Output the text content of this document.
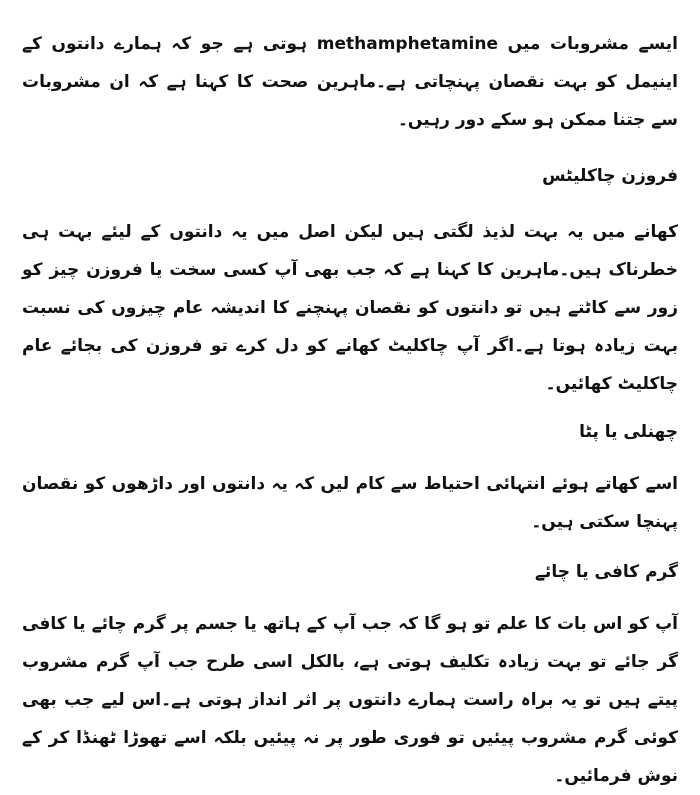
ایسے مشروبات میں methamphetamine ہوتی ہے جو کہ ہمارے دانتوں کے اینیمل کو بہت نقصان پہنچاتی ہے۔ماہرین صحت کا کہنا ہے کہ ان مشروبات سے جتنا ممکن ہو سکے دور رہیں۔

فروزن چاکلیٹس

کھانے میں یہ بہت لذیذ لگتی ہیں لیکن اصل میں یہ دانتوں کے لیئے بہت ہی خطرناک ہیں۔ماہرین کا کہنا ہے کہ جب بھی آپ کسی سخت یا فروزن چیز کو زور سے کاٹتے ہیں تو دانتوں کو نقصان پہنچنے کا اندیشہ عام چیزوں کی نسبت بہت زیادہ ہوتا ہے۔اگر آپ چاکلیٹ کھانے کو دل کرے تو فروزن کی بجائے عام چاکلیٹ کھائیں۔

چھنلی یا پٹا

اسے کھاتے ہوئے انتہائی احتیاط سے کام لیں کہ یہ دانتوں اور داڑھوں کو نقصان پہنچا سکتی ہیں۔

گرم کافی یا چائے

آپ کو اس بات کا علم تو ہو گا کہ جب آپ کے ہاتھ یا جسم پر گرم چائے یا کافی گر جائے تو بہت زیادہ تکلیف ہوتی ہے، بالکل اسی طرح جب آپ گرم مشروب پیتے ہیں تو یہ براہ راست ہمارے دانتوں پر اثر انداز ہوتی ہے۔اس لیے جب بھی کوئی گرم مشروب پیئیں تو فوری طور پر نہ پیئیں بلکہ اسے تھوڑا ٹھنڈا کر کے نوش فرمائیں۔
